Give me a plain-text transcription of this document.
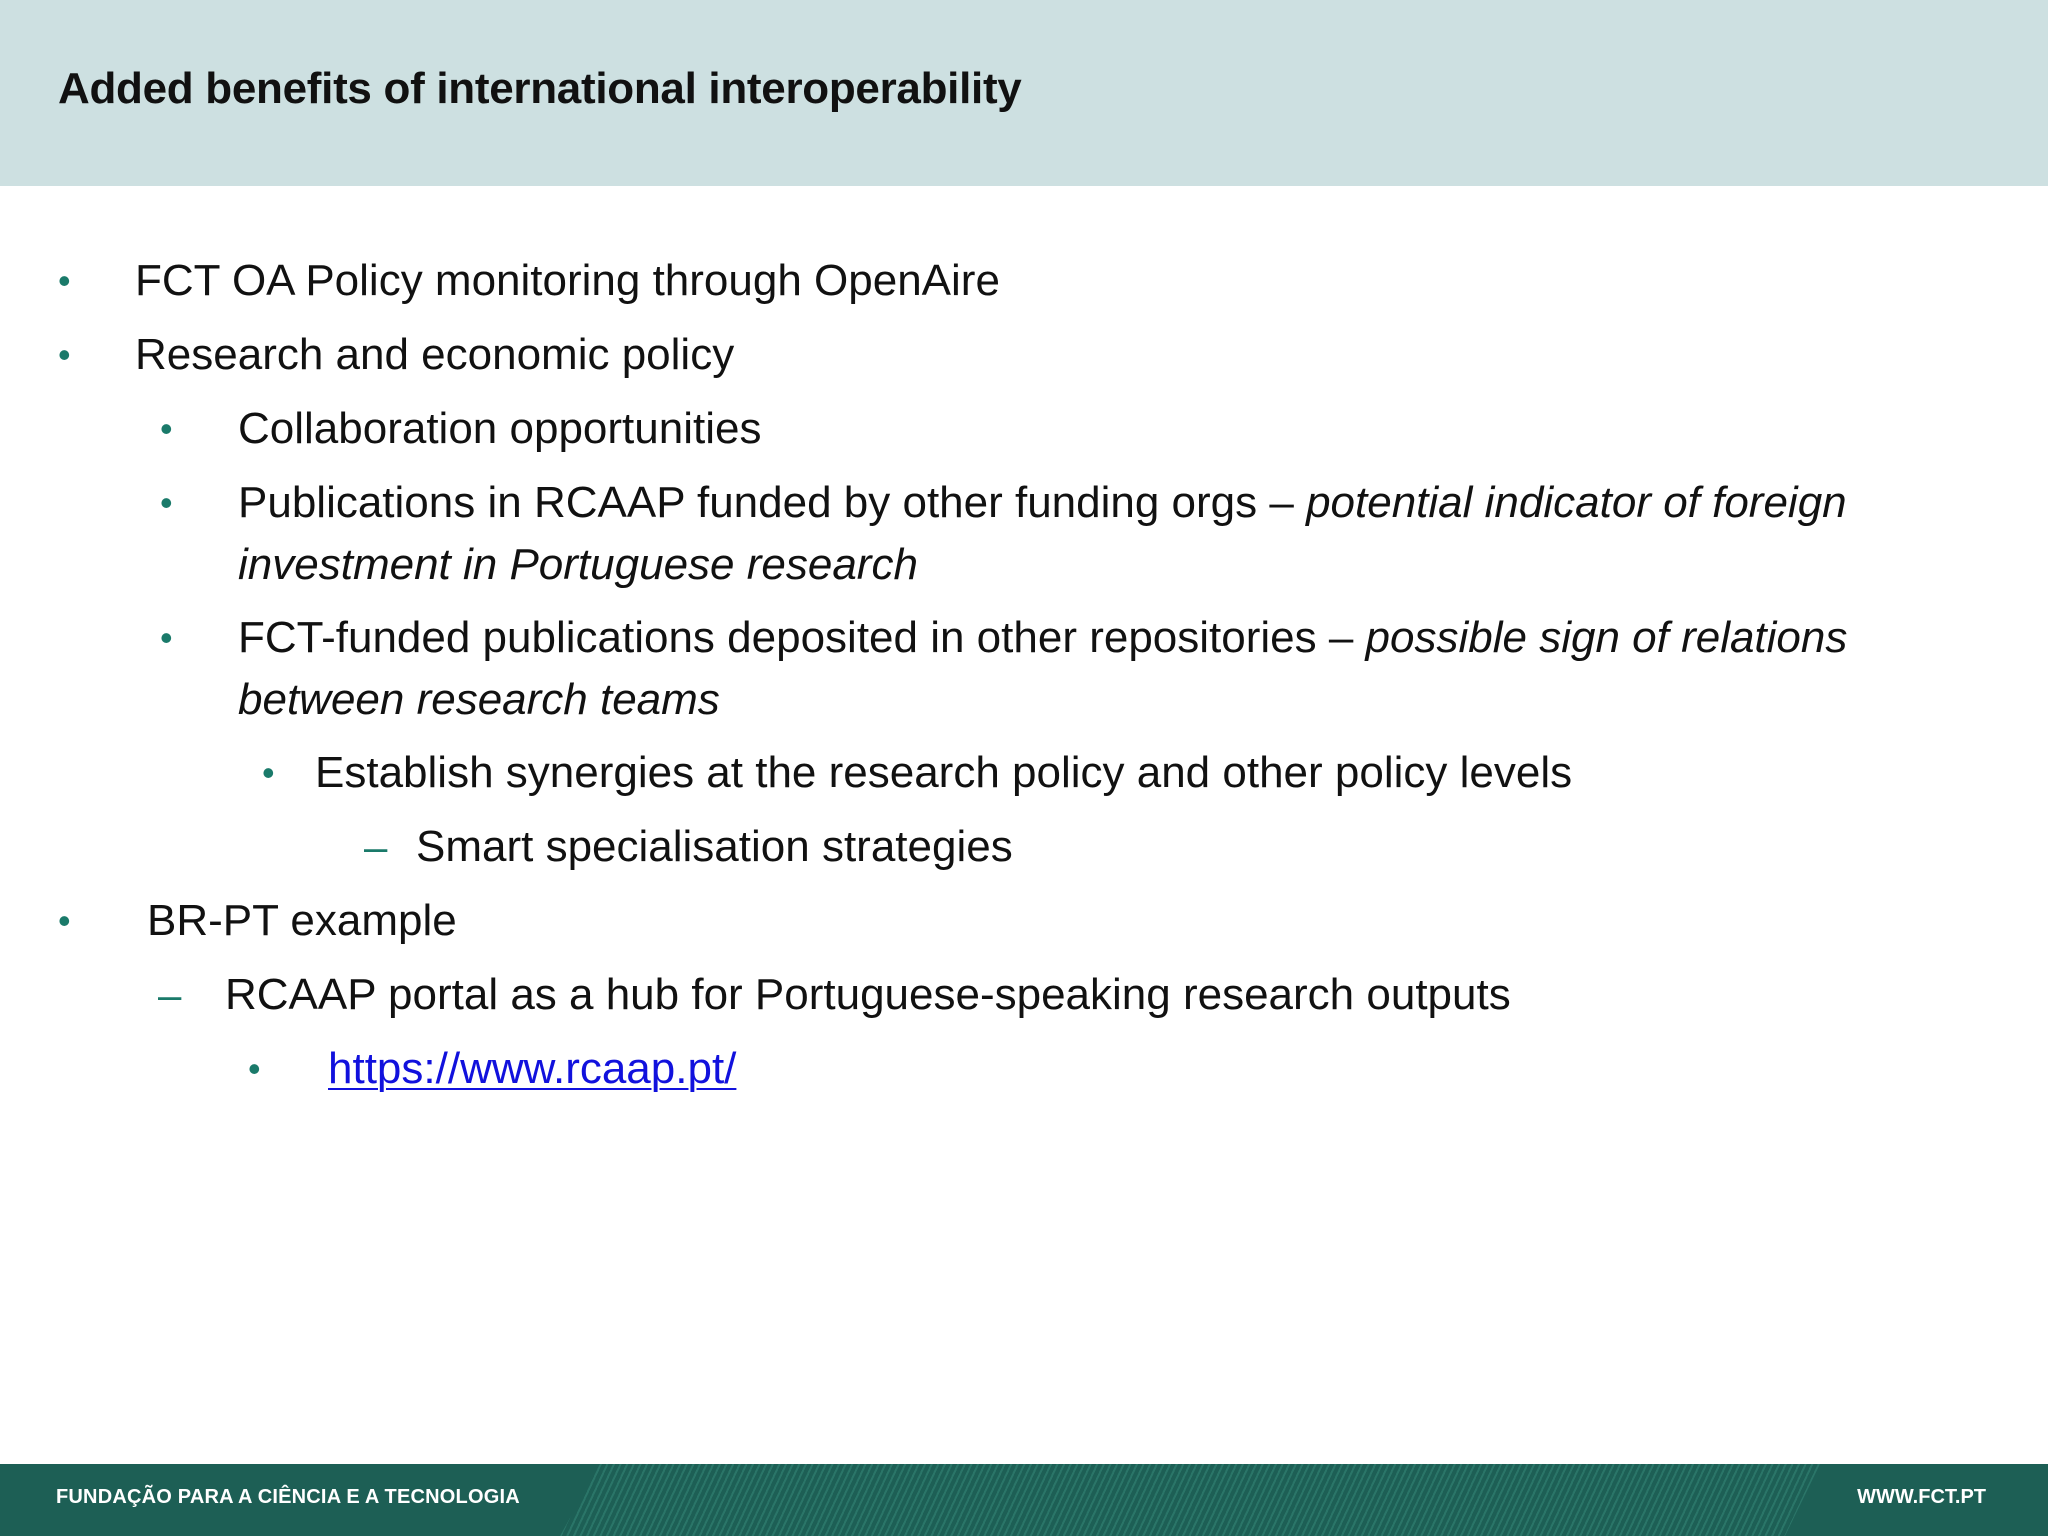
Added benefits of international interoperability
• FCT OA Policy monitoring through OpenAire
• Research and economic policy
• Collaboration opportunities
• Publications in RCAAP funded by other funding orgs – potential indicator of foreign
investment in Portuguese research
• FCT-funded publications deposited in other repositories – possible sign of relations
between research teams
• Establish synergies at the research policy and other policy levels
– Smart specialisation strategies
• BR-PT example
– RCAAP portal as a hub for Portuguese-speaking research outputs
• https://www.rcaap.pt/
FUNDAÇÃO PARA A CIÊNCIA E A TECNOLOGIA	WWW.FCT.PT
